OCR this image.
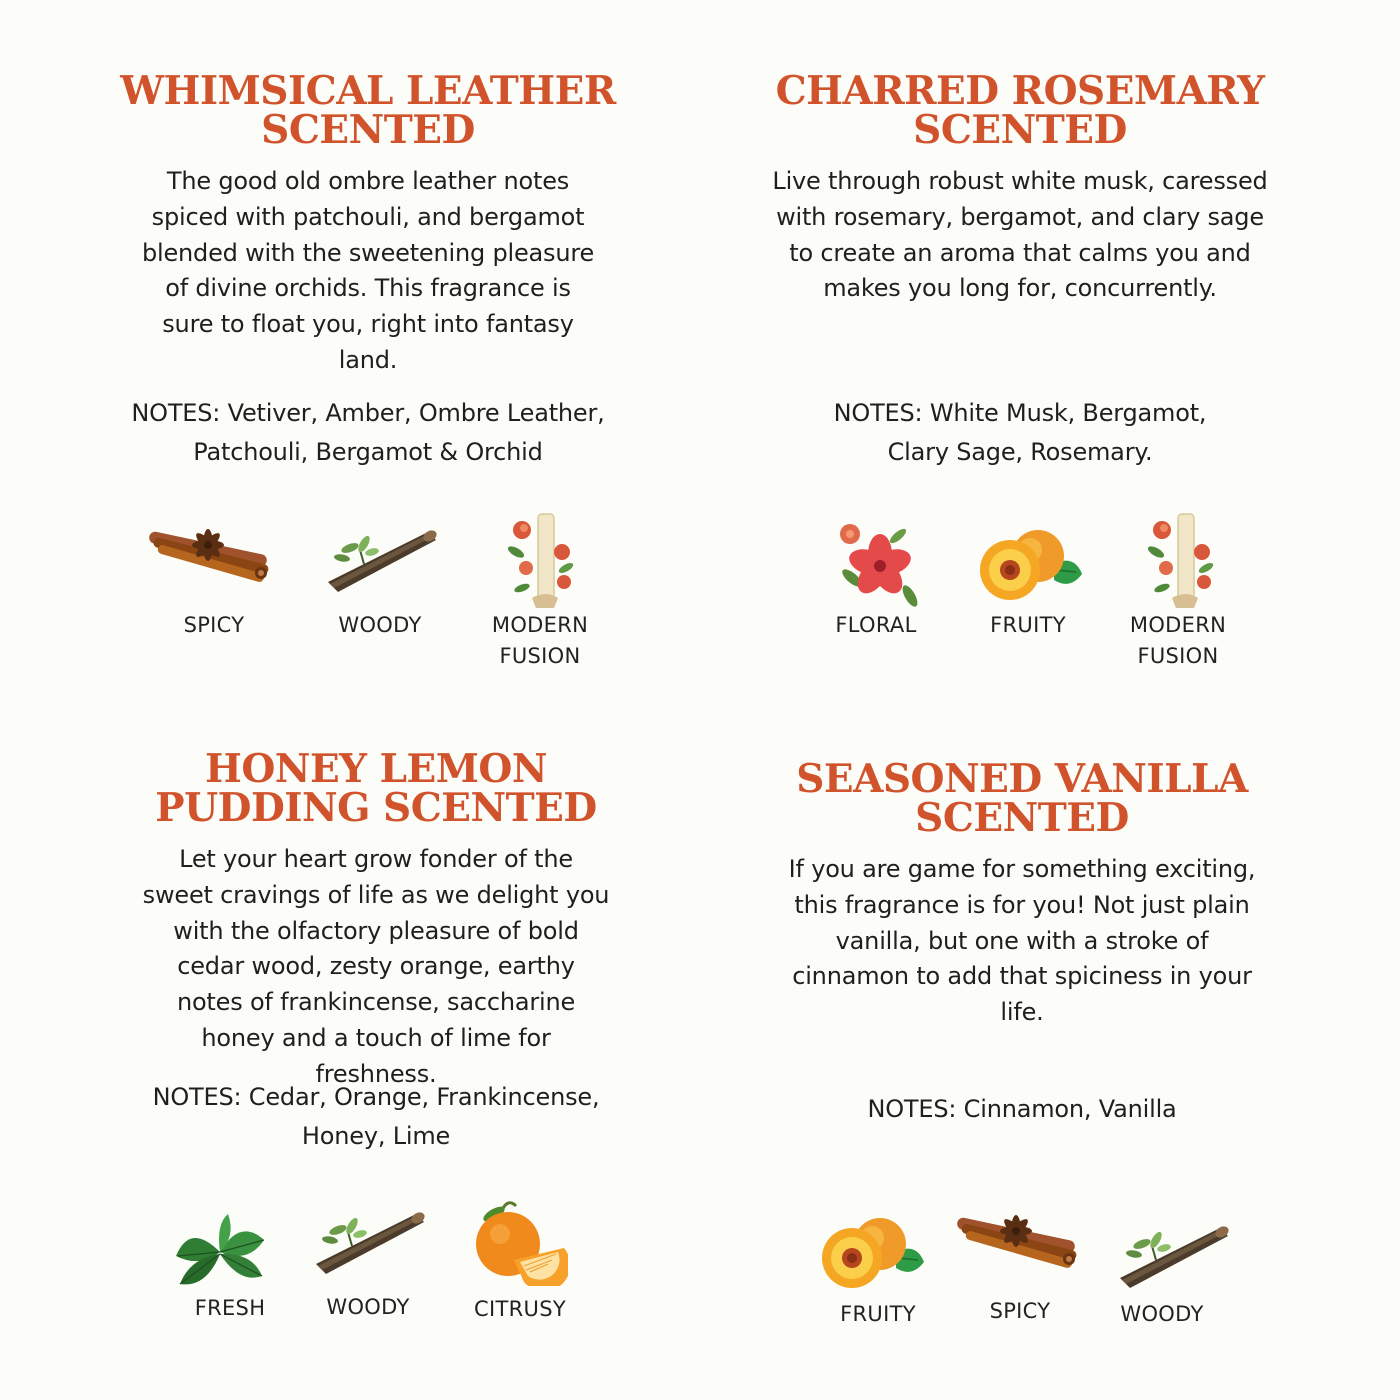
WHIMSICAL LEATHER
SCENTED

The good old ombre leather notes spiced with patchouli, and bergamot blended with the sweetening pleasure of divine orchids. This fragrance is sure to float you, right into fantasy land.

NOTES: Vetiver, Amber, Ombre Leather,
Patchouli, Bergamot & Orchid
CHARRED ROSEMARY
SCENTED

Live through robust white musk, caressed with rosemary, bergamot, and clary sage to create an aroma that calms you and makes you long for, concurrently.

NOTES: White Musk, Bergamot,
Clary Sage, Rosemary.
HONEY LEMON
PUDDING SCENTED

Let your heart grow fonder of the sweet cravings of life as we delight you with the olfactory pleasure of bold cedar wood, zesty orange, earthy notes of frankincense, saccharine honey and a touch of lime for freshness.

NOTES: Cedar, Orange, Frankincense,
Honey, Lime
SEASONED VANILLA
SCENTED

If you are game for something exciting, this fragrance is for you! Not just plain vanilla, but one with a stroke of cinnamon to add that spiciness in your life.

NOTES: Cinnamon, Vanilla
SPICY	WOODY	MODERN
FUSION
FLORAL	FRUITY	MODERN
FUSION
FRESH	WOODY	CITRUSY	FRUITY	SPICY	WOODY
